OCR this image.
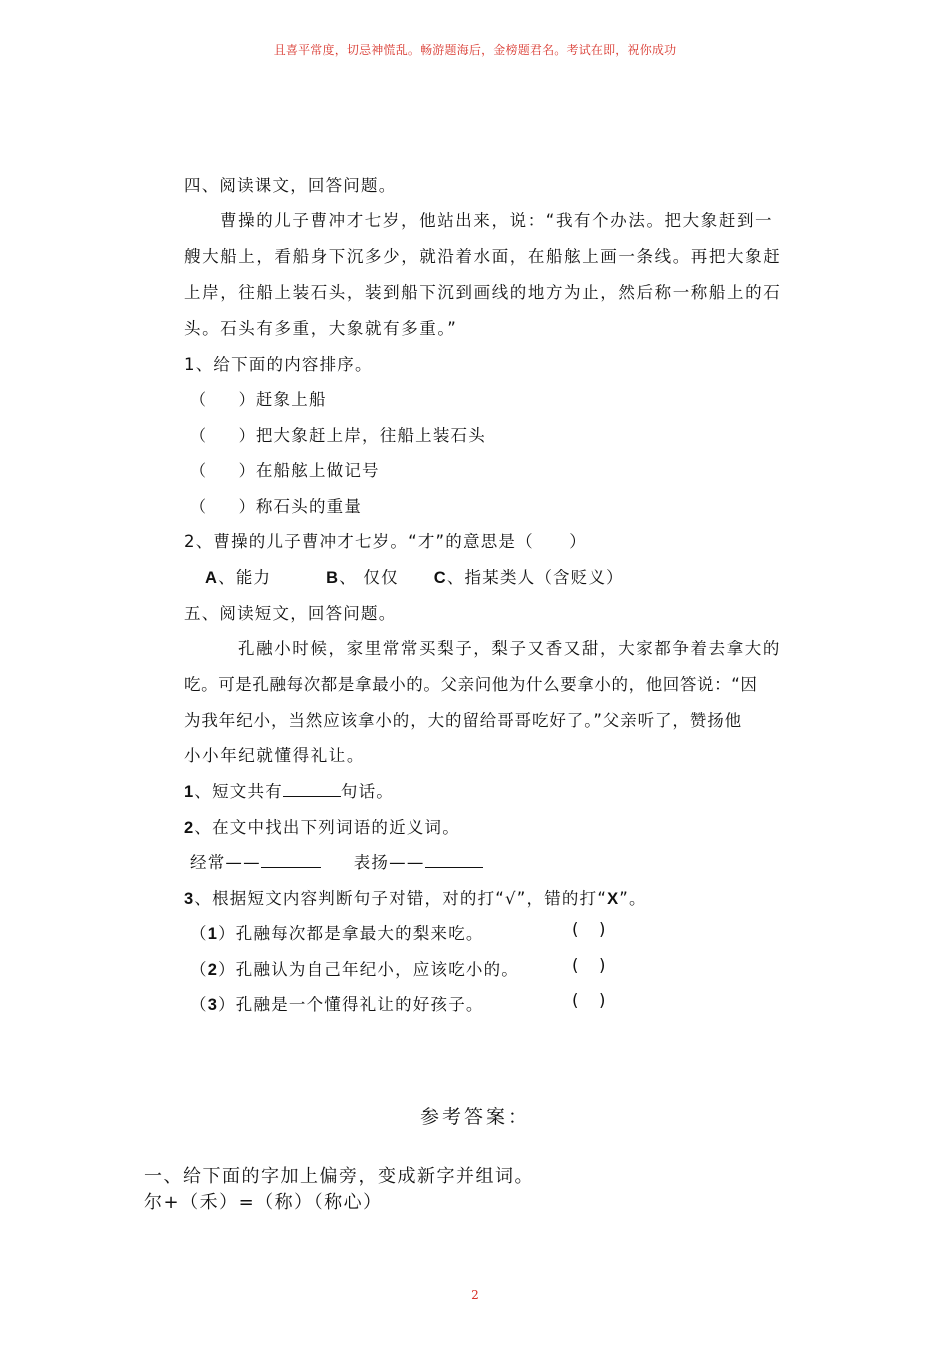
且喜平常度，切忌神慌乱。畅游题海后，金榜题君名。考试在即，祝你成功
四、阅读课文，回答问题。
曹操的儿子曹冲才七岁，他站出来，说：“我有个办法。把大象赶到一
艘大船上，看船身下沉多少，就沿着水面，在船舷上画一条线。再把大象赶
上岸，往船上装石头，装到船下沉到画线的地方为止，然后称一称船上的石
头。石头有多重，大象就有多重。”
1、给下面的内容排序。
（     ）赶象上船
（     ）把大象赶上岸，往船上装石头
（     ）在船舷上做记号
（     ）称石头的重量
2、曹操的儿子曹冲才七岁。“才”的意思是（　　）
A、能力	B、 仅仅 C、指某类人（含贬义）
五、阅读短文，回答问题。
孔融小时候，家里常常买梨子，梨子又香又甜，大家都争着去拿大的
吃。可是孔融每次都是拿最小的。父亲问他为什么要拿小的，他回答说：“因
为我年纪小，当然应该拿小的，大的留给哥哥吃好了。”父亲听了，赞扬他
小小年纪就懂得礼让。
1、短文共有	句话。
2、在文中找出下列词语的近义词。
经常——	表扬——
3、根据短文内容判断句子对错，对的打“√”，错的打“X”。
（1）孔融每次都是拿最大的梨来吃。	(   )
（2）孔融认为自己年纪小，应该吃小的。	(   )
（3）孔融是一个懂得礼让的好孩子。	(   )
参考答案：
一、给下面的字加上偏旁，变成新字并组词。
尔+（禾）=（称）（称心）
2
